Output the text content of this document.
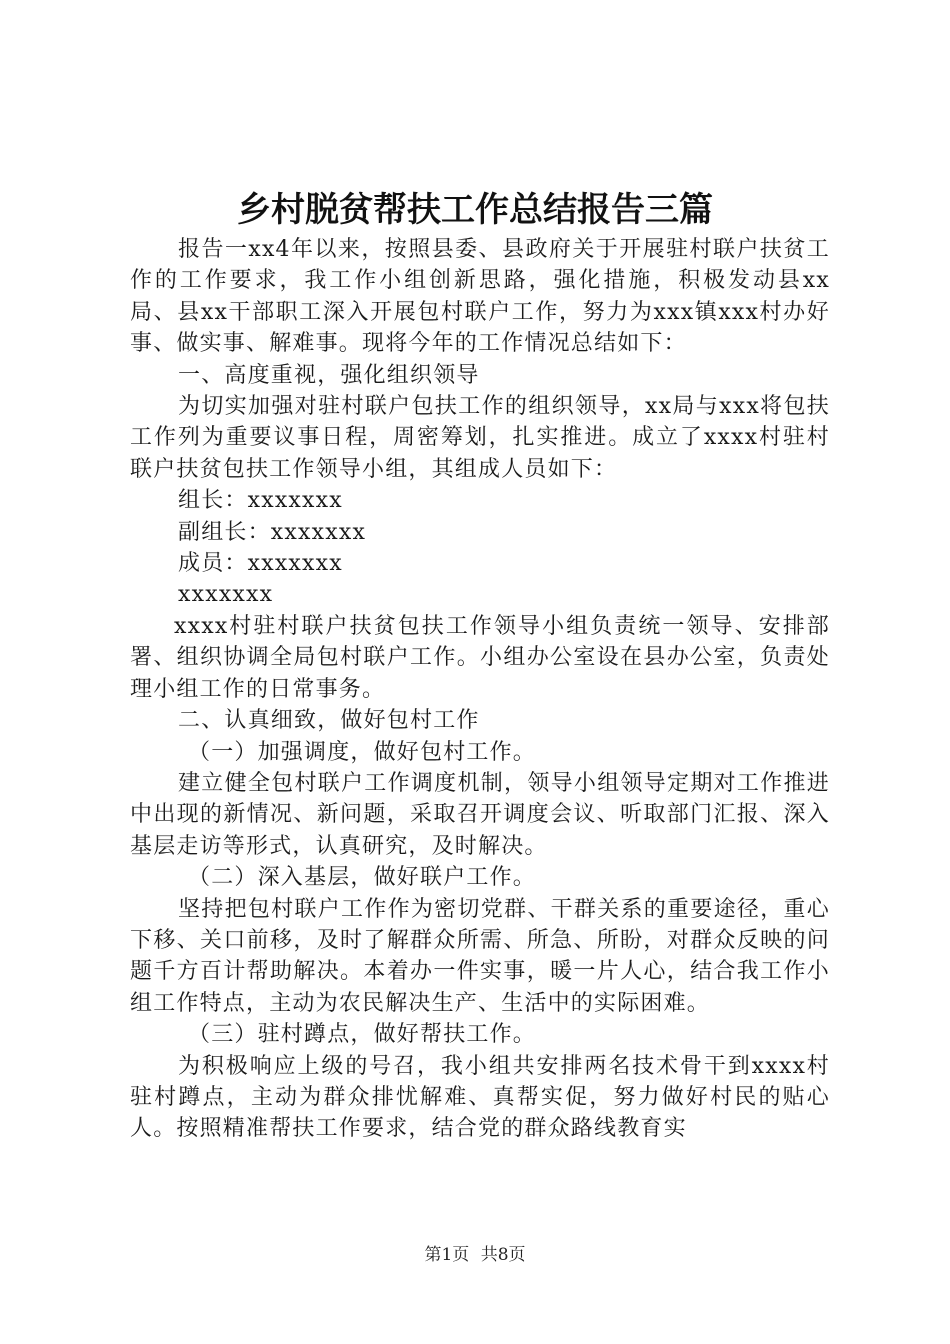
乡村脱贫帮扶工作总结报告三篇

报告一xx4年以来，按照县委、县政府关于开展驻村联户扶贫工作的工作要求，我工作小组创新思路，强化措施，积极发动县xx局、县xx干部职工深入开展包村联户工作，努力为xxx镇xxx村办好事、做实事、解难事。现将今年的工作情况总结如下：

一、高度重视，强化组织领导

为切实加强对驻村联户包扶工作的组织领导，xx局与xxx将包扶工作列为重要议事日程，周密筹划，扎实推进。成立了xxxx村驻村联户扶贫包扶工作领导小组，其组成人员如下：

组长：xxxxxxx

副组长：xxxxxxx

成员：xxxxxxx

xxxxxxx

xxxx村驻村联户扶贫包扶工作领导小组负责统一领导、安排部署、组织协调全局包村联户工作。小组办公室设在县办公室，负责处理小组工作的日常事务。

二、认真细致，做好包村工作

（一）加强调度，做好包村工作。

建立健全包村联户工作调度机制，领导小组领导定期对工作推进中出现的新情况、新问题，采取召开调度会议、听取部门汇报、深入基层走访等形式，认真研究，及时解决。

（二）深入基层，做好联户工作。

坚持把包村联户工作作为密切党群、干群关系的重要途径，重心下移、关口前移，及时了解群众所需、所急、所盼，对群众反映的问题千方百计帮助解决。本着办一件实事，暖一片人心，结合我工作小组工作特点，主动为农民解决生产、生活中的实际困难。

（三）驻村蹲点，做好帮扶工作。

为积极响应上级的号召，我小组共安排两名技术骨干到xxxx村驻村蹲点，主动为群众排忧解难、真帮实促，努力做好村民的贴心人。按照精准帮扶工作要求，结合党的群众路线教育实

第1页 共8页
